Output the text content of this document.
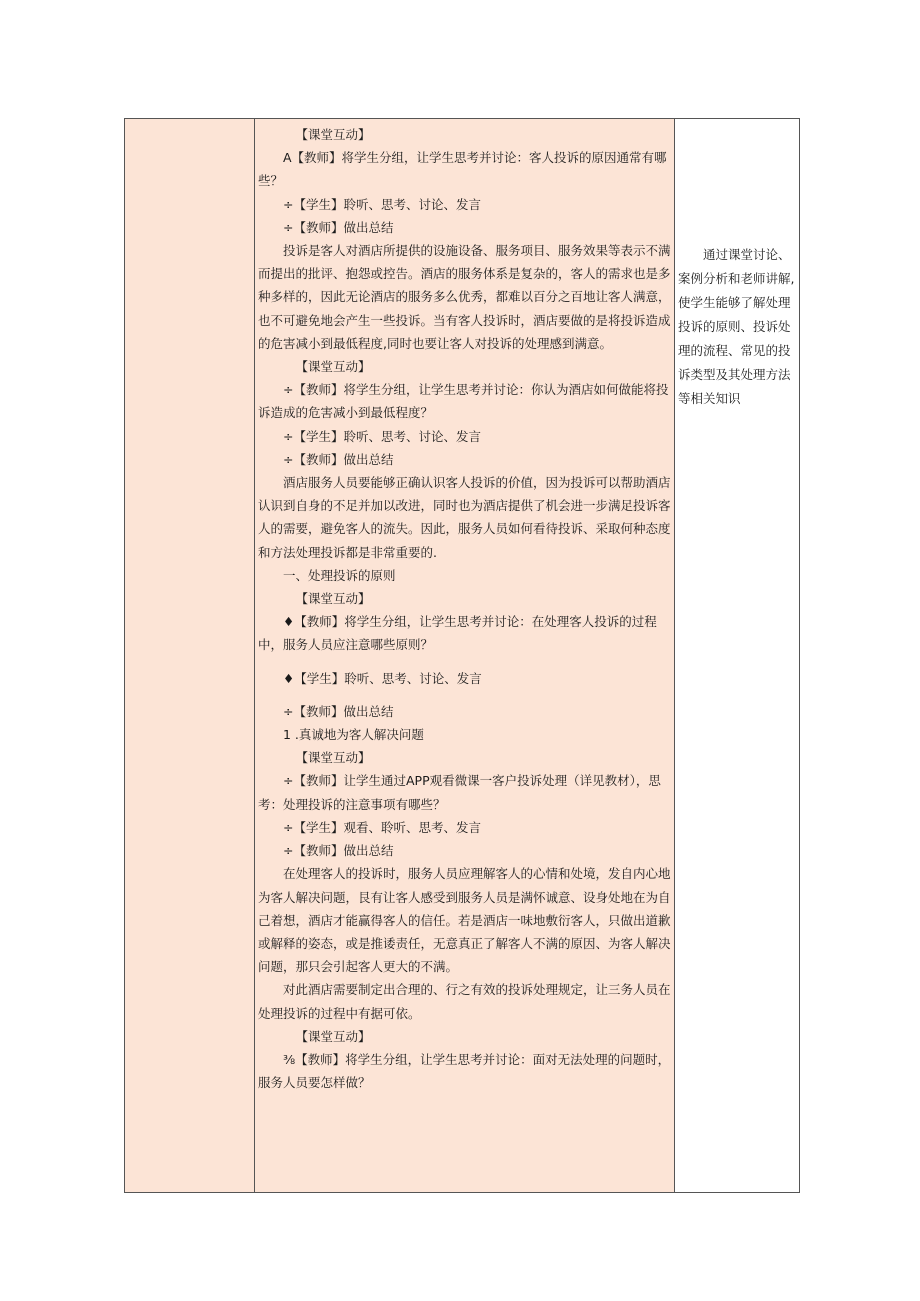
【课堂互动】

A【教师】将学生分组，让学生思考并讨论：客人投诉的原因通常有哪些？

÷【学生】聆听、思考、讨论、发言

÷【教师】做出总结

投诉是客人对酒店所提供的设施设备、服务项目、服务效果等表示不满而提出的批评、抱怨或控告。酒店的服务体系是复杂的，客人的需求也是多种多样的，因此无论酒店的服务多么优秀，都难以百分之百地让客人满意，也不可避免地会产生一些投诉。当有客人投诉时，酒店要做的是将投诉造成的危害减小到最低程度,同时也要让客人对投诉的处理感到满意。

【课堂互动】

÷【教师】将学生分组，让学生思考并讨论：你认为酒店如何做能将投诉造成的危害减小到最低程度？

÷【学生】聆听、思考、讨论、发言

÷【教师】做出总结

酒店服务人员要能够正确认识客人投诉的价值，因为投诉可以帮助酒店认识到自身的不足并加以改进，同时也为酒店提供了机会进一步满足投诉客人的需要，避免客人的流失。因此，服务人员如何看待投诉、采取何种态度和方法处理投诉都是非常重要的.

一、处理投诉的原则

【课堂互动】

♦【教师】将学生分组，让学生思考并讨论：在处理客人投诉的过程中，服务人员应注意哪些原则？

♦【学生】聆听、思考、讨论、发言

÷【教师】做出总结

1 .真诚地为客人解决问题

【课堂互动】

÷【教师】让学生通过APP观看微课一客户投诉处理（详见教材），思考：处理投诉的注意事项有哪些？

÷【学生】观看、聆听、思考、发言

÷【教师】做出总结

在处理客人的投诉时，服务人员应理解客人的心情和处境，发自内心地为客人解决问题，艮有让客人感受到服务人员是满怀诚意、设身处地在为自己着想，酒店才能赢得客人的信任。若是酒店一味地敷衍客人，只做出道歉或解释的姿态，或是推诿责任，无意真正了解客人不满的原因、为客人解决问题，那只会引起客人更大的不满。

对此酒店需要制定出合理的、行之有效的投诉处理规定，让三务人员在处理投诉的过程中有据可依。

【课堂互动】

⅜【教师】将学生分组，让学生思考并讨论：面对无法处理的问题时，服务人员要怎样做？

通过课堂讨论、案例分析和老师讲解,使学生能够了解处理投诉的原则、投诉处理的流程、常见的投诉类型及其处理方法等相关知识
